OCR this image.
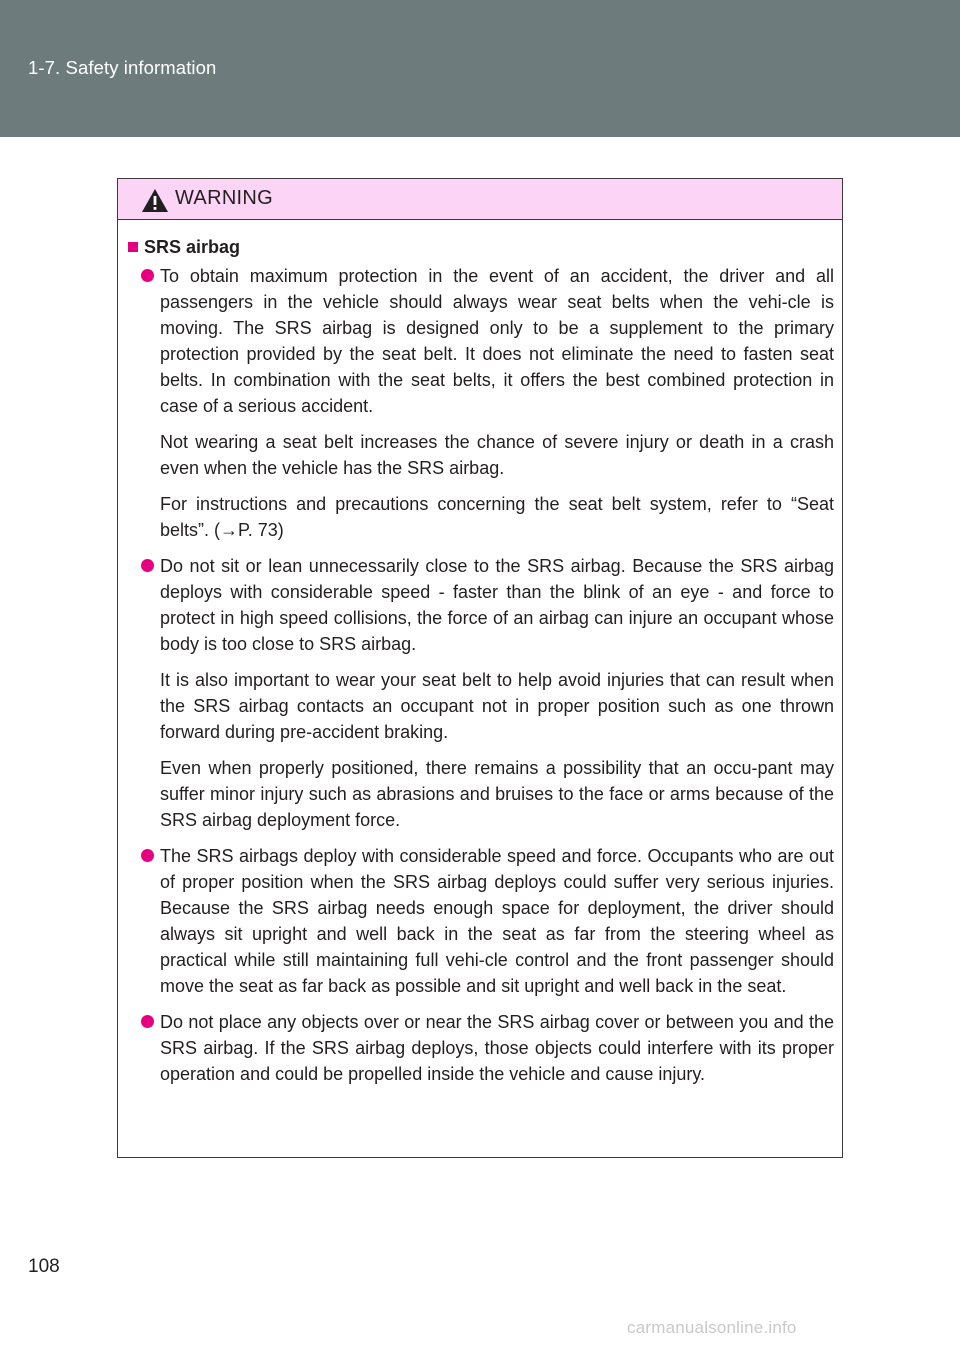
1-7. Safety information
WARNING
SRS airbag

To obtain maximum protection in the event of an accident, the driver and all passengers in the vehicle should always wear seat belts when the vehi-cle is moving. The SRS airbag is designed only to be a supplement to the primary protection provided by the seat belt. It does not eliminate the need to fasten seat belts. In combination with the seat belts, it offers the best combined protection in case of a serious accident.

Not wearing a seat belt increases the chance of severe injury or death in a crash even when the vehicle has the SRS airbag.

For instructions and precautions concerning the seat belt system, refer to “Seat belts”. (→P. 73)

Do not sit or lean unnecessarily close to the SRS airbag. Because the SRS airbag deploys with considerable speed - faster than the blink of an eye - and force to protect in high speed collisions, the force of an airbag can injure an occupant whose body is too close to SRS airbag.

It is also important to wear your seat belt to help avoid injuries that can result when the SRS airbag contacts an occupant not in proper position such as one thrown forward during pre-accident braking.

Even when properly positioned, there remains a possibility that an occu-pant may suffer minor injury such as abrasions and bruises to the face or arms because of the SRS airbag deployment force.

The SRS airbags deploy with considerable speed and force. Occupants who are out of proper position when the SRS airbag deploys could suffer very serious injuries. Because the SRS airbag needs enough space for deployment, the driver should always sit upright and well back in the seat as far from the steering wheel as practical while still maintaining full vehi-cle control and the front passenger should move the seat as far back as possible and sit upright and well back in the seat.

Do not place any objects over or near the SRS airbag cover or between you and the SRS airbag. If the SRS airbag deploys, those objects could interfere with its proper operation and could be propelled inside the vehicle and cause injury.

108
carmanualsonline.info
